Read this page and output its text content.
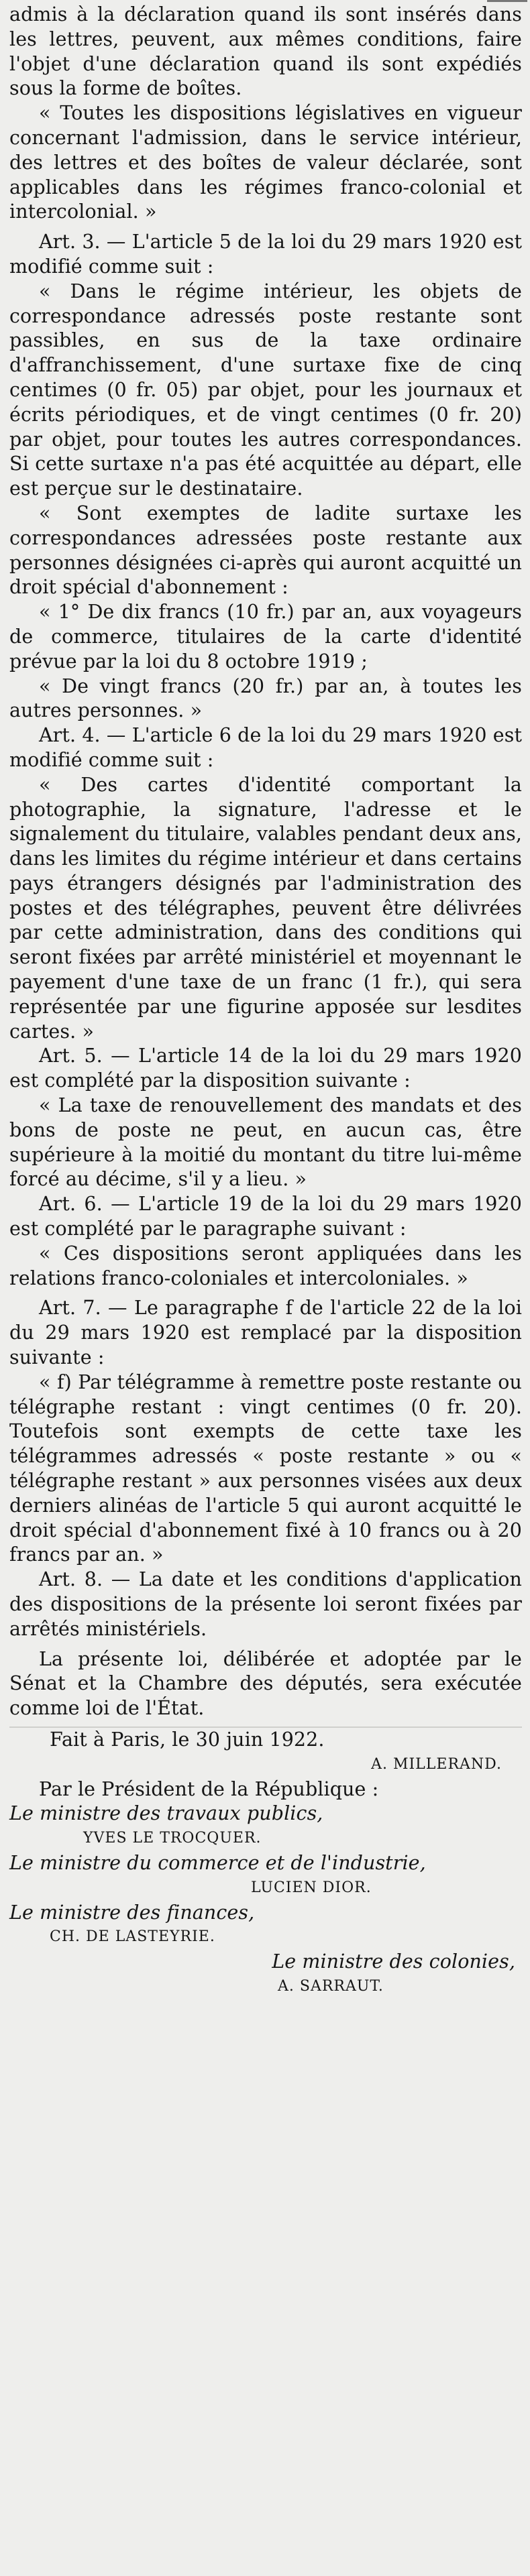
admis à la déclaration quand ils sont insérés dans les lettres, peuvent, aux mêmes conditions, faire l'objet d'une déclaration quand ils sont expédiés sous la forme de boîtes.

« Toutes les dispositions législatives en vigueur concernant l'admission, dans le service intérieur, des lettres et des boîtes de valeur déclarée, sont applicables dans les régimes franco-colonial et intercolonial. »

Art. 3. — L'article 5 de la loi du 29 mars 1920 est modifié comme suit :

« Dans le régime intérieur, les objets de correspondance adressés poste restante sont passibles, en sus de la taxe ordinaire d'affranchissement, d'une surtaxe fixe de cinq centimes (0 fr. 05) par objet, pour les journaux et écrits périodiques, et de vingt centimes (0 fr. 20) par objet, pour toutes les autres correspondances. Si cette surtaxe n'a pas été acquittée au départ, elle est perçue sur le destinataire.

« Sont exemptes de ladite surtaxe les correspondances adressées poste restante aux personnes désignées ci-après qui auront acquitté un droit spécial d'abonnement :

« 1° De dix francs (10 fr.) par an, aux voyageurs de commerce, titulaires de la carte d'identité prévue par la loi du 8 octobre 1919 ;

« De vingt francs (20 fr.) par an, à toutes les autres personnes. »

Art. 4. — L'article 6 de la loi du 29 mars 1920 est modifié comme suit :

« Des cartes d'identité comportant la photographie, la signature, l'adresse et le signalement du titulaire, valables pendant deux ans, dans les limites du régime intérieur et dans certains pays étrangers désignés par l'administration des postes et des télégraphes, peuvent être délivrées par cette administration, dans des conditions qui seront fixées par arrêté ministériel et moyennant le payement d'une taxe de un franc (1 fr.), qui sera représentée par une figurine apposée sur lesdites cartes. »

Art. 5. — L'article 14 de la loi du 29 mars 1920 est complété par la disposition suivante :

« La taxe de renouvellement des mandats et des bons de poste ne peut, en aucun cas, être supérieure à la moitié du montant du titre lui-même forcé au décime, s'il y a lieu. »

Art. 6. — L'article 19 de la loi du 29 mars 1920 est complété par le paragraphe suivant :

« Ces dispositions seront appliquées dans les relations franco-coloniales et intercoloniales. »

Art. 7. — Le paragraphe f de l'article 22 de la loi du 29 mars 1920 est remplacé par la disposition suivante :

« f) Par télégramme à remettre poste restante ou télégraphe restant : vingt centimes (0 fr. 20). Toutefois sont exempts de cette taxe les télégrammes adressés « poste restante » ou « télégraphe restant » aux personnes visées aux deux derniers alinéas de l'article 5 qui auront acquitté le droit spécial d'abonnement fixé à 10 francs ou à 20 francs par an. »

Art. 8. — La date et les conditions d'application des dispositions de la présente loi seront fixées par arrêtés ministériels.

La présente loi, délibérée et adoptée par le Sénat et la Chambre des députés, sera exécutée comme loi de l'État.

Fait à Paris, le 30 juin 1922.
A. MILLERAND.
Par le Président de la République :
Le ministre des travaux publics,
YVES LE TROCQUER.
Le ministre du commerce et de l'industrie,
LUCIEN DIOR.
Le ministre des finances,
CH. DE LASTEYRIE.
Le ministre des colonies,
A. SARRAUT.
